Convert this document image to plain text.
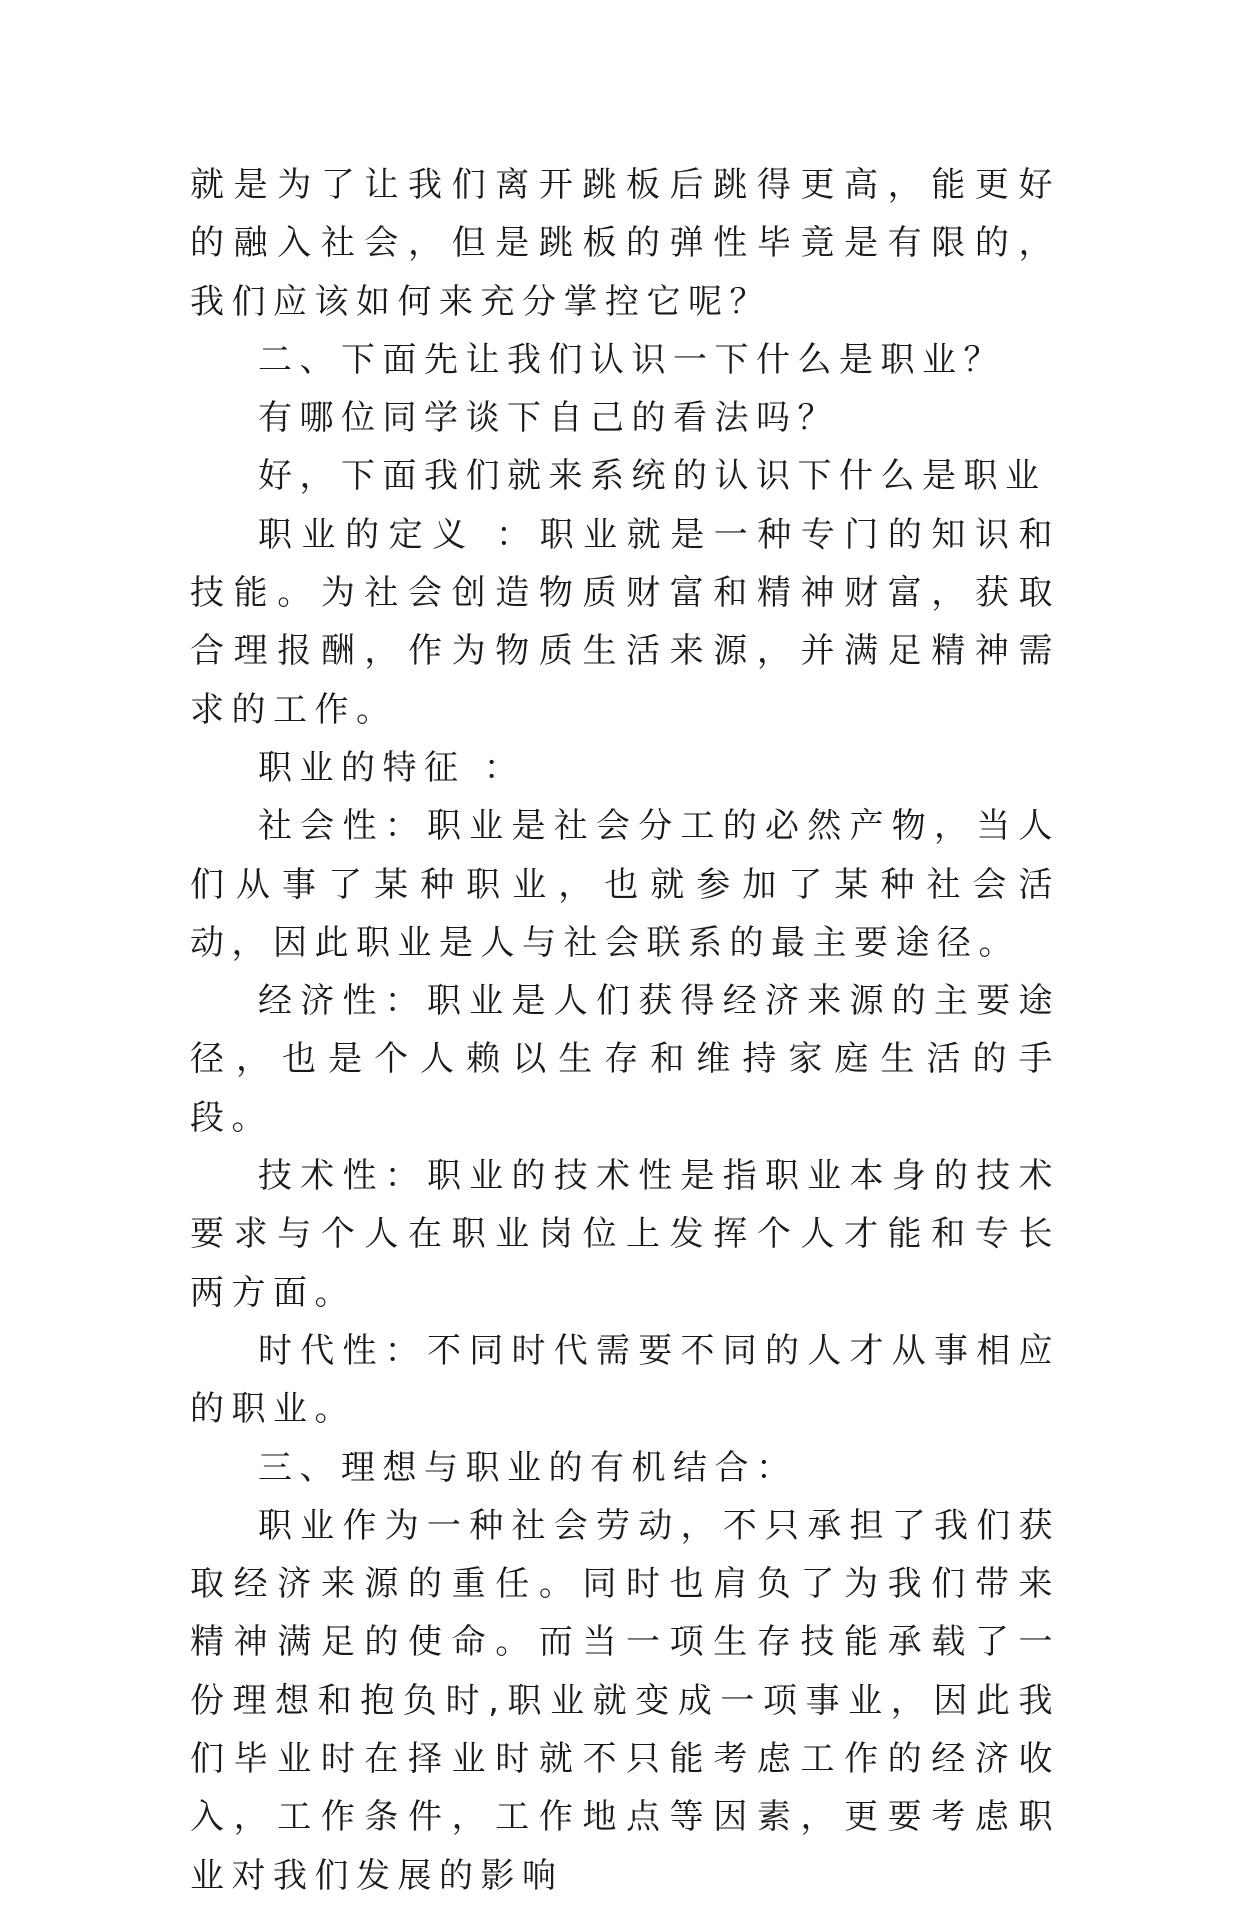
就是为了让我们离开跳板后跳得更高，能更好的融入社会，但是跳板的弹性毕竟是有限的，我们应该如何来充分掌控它呢？

二、下面先让我们认识一下什么是职业？

有哪位同学谈下自己的看法吗？

好，下面我们就来系统的认识下什么是职业

职业的定义 ：职业就是一种专门的知识和技能。为社会创造物质财富和精神财富，获取合理报酬，作为物质生活来源，并满足精神需求的工作。

职业的特征 ：

社会性：职业是社会分工的必然产物，当人们从事了某种职业，也就参加了某种社会活动，因此职业是人与社会联系的最主要途径。

经济性：职业是人们获得经济来源的主要途径，也是个人赖以生存和维持家庭生活的手段。

技术性：职业的技术性是指职业本身的技术要求与个人在职业岗位上发挥个人才能和专长两方面。

时代性：不同时代需要不同的人才从事相应的职业。

三、理想与职业的有机结合：

职业作为一种社会劳动，不只承担了我们获取经济来源的重任。同时也肩负了为我们带来精神满足的使命。而当一项生存技能承载了一份理想和抱负时,职业就变成一项事业，因此我们毕业时在择业时就不只能考虑工作的经济收入，工作条件，工作地点等因素，更要考虑职业对我们发展的影响
